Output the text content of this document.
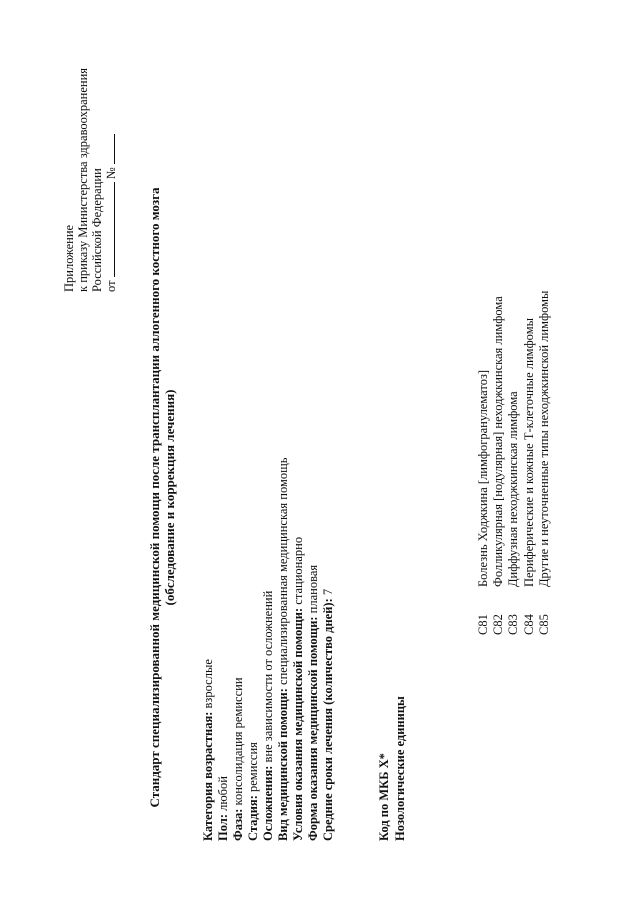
Приложение к приказу Министерства здравоохранения Российской Федерации от  №
Стандарт специализированной медицинской помощи после трансплантации аллогенного костного мозга (обследование и коррекция лечения)
Категория возрастная: взрослые
Пол: любой
Фаза: консолидация ремиссии
Стадия: ремиссия Осложнения: вне зависимости от осложнений Вид медицинской помощи: специализированная медицинская помощь
Условия оказания медицинской помощи: стационарно
Форма оказания медицинской помощи: плановая
Средние сроки лечения (количество дней): 7
Код по МКБ X* Нозологические единицы
C81Болезнь Ходжкина [лимфогранулематоз]
C82Фолликулярная [нодулярная] неходжкинская лимфома
C83Диффузная неходжкинская лимфома
C84Периферические и кожные Т-клеточные лимфомы
C85Другие и неуточненные типы неходжкинской лимфомы
